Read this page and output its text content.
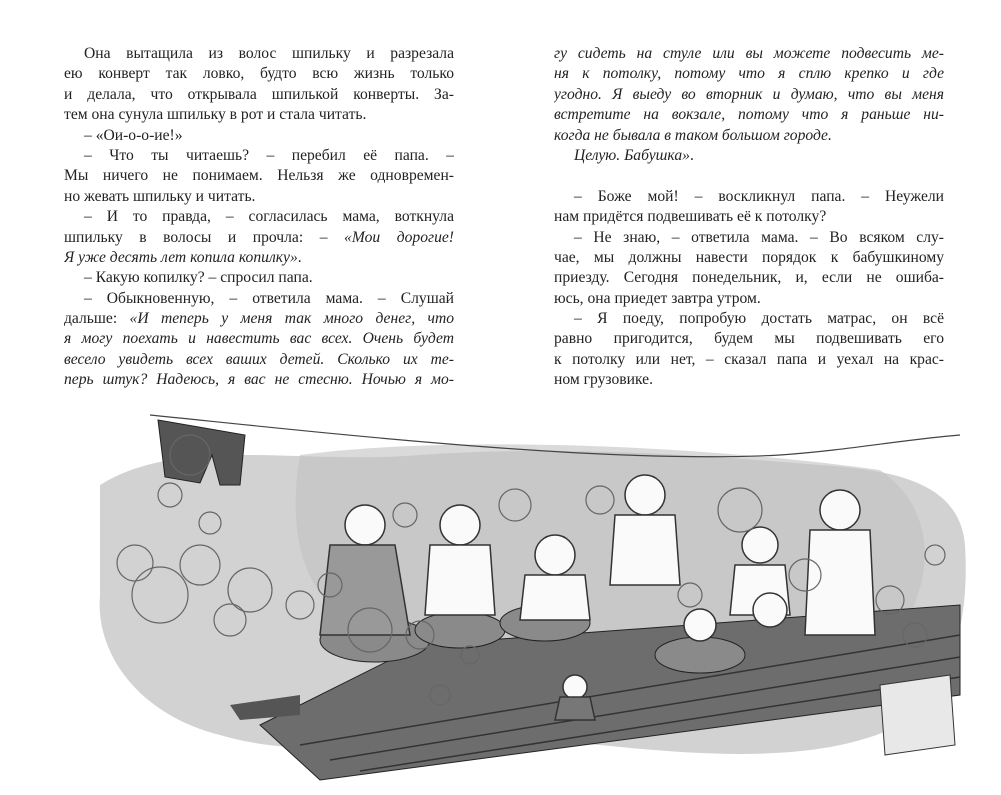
Она вытащила из волос шпильку и разрезала
ею конверт так ловко, будто всю жизнь только
и делала, что открывала шпилькой конверты. За-
тем она сунула шпильку в рот и стала читать.
– «Ои-о-о-ие!»
– Что ты читаешь? – перебил её папа. –
Мы ничего не понимаем. Нельзя же одновремен-
но жевать шпильку и читать.
– И то правда, – согласилась мама, воткнула
шпильку в волосы и прочла: – «Мои дорогие!
Я уже десять лет копила копилку».
– Какую копилку? – спросил папа.
– Обыкновенную, – ответила мама. – Слушай
дальше: «И теперь у меня так много денег, что
я могу поехать и навестить вас всех. Очень будет
весело увидеть всех ваших детей. Сколько их те-
перь штук? Надеюсь, я вас не стесню. Ночью я мо-
гу сидеть на стуле или вы можете подвесить ме-
ня к потолку, потому что я сплю крепко и где
угодно. Я выеду во вторник и думаю, что вы меня
встретите на вокзале, потому что я раньше ни-
когда не бывала в таком большом городе.
Целую. Бабушка».

– Боже мой! – воскликнул папа. – Неужели
нам придётся подвешивать её к потолку?
– Не знаю, – ответила мама. – Во всяком слу-
чае, мы должны навести порядок к бабушкиному
приезду. Сегодня понедельник, и, если не ошиба-
юсь, она приедет завтра утром.
– Я поеду, попробую достать матрас, он всё
равно пригодится, будем мы подвешивать его
к потолку или нет, – сказал папа и уехал на крас-
ном грузовике.
